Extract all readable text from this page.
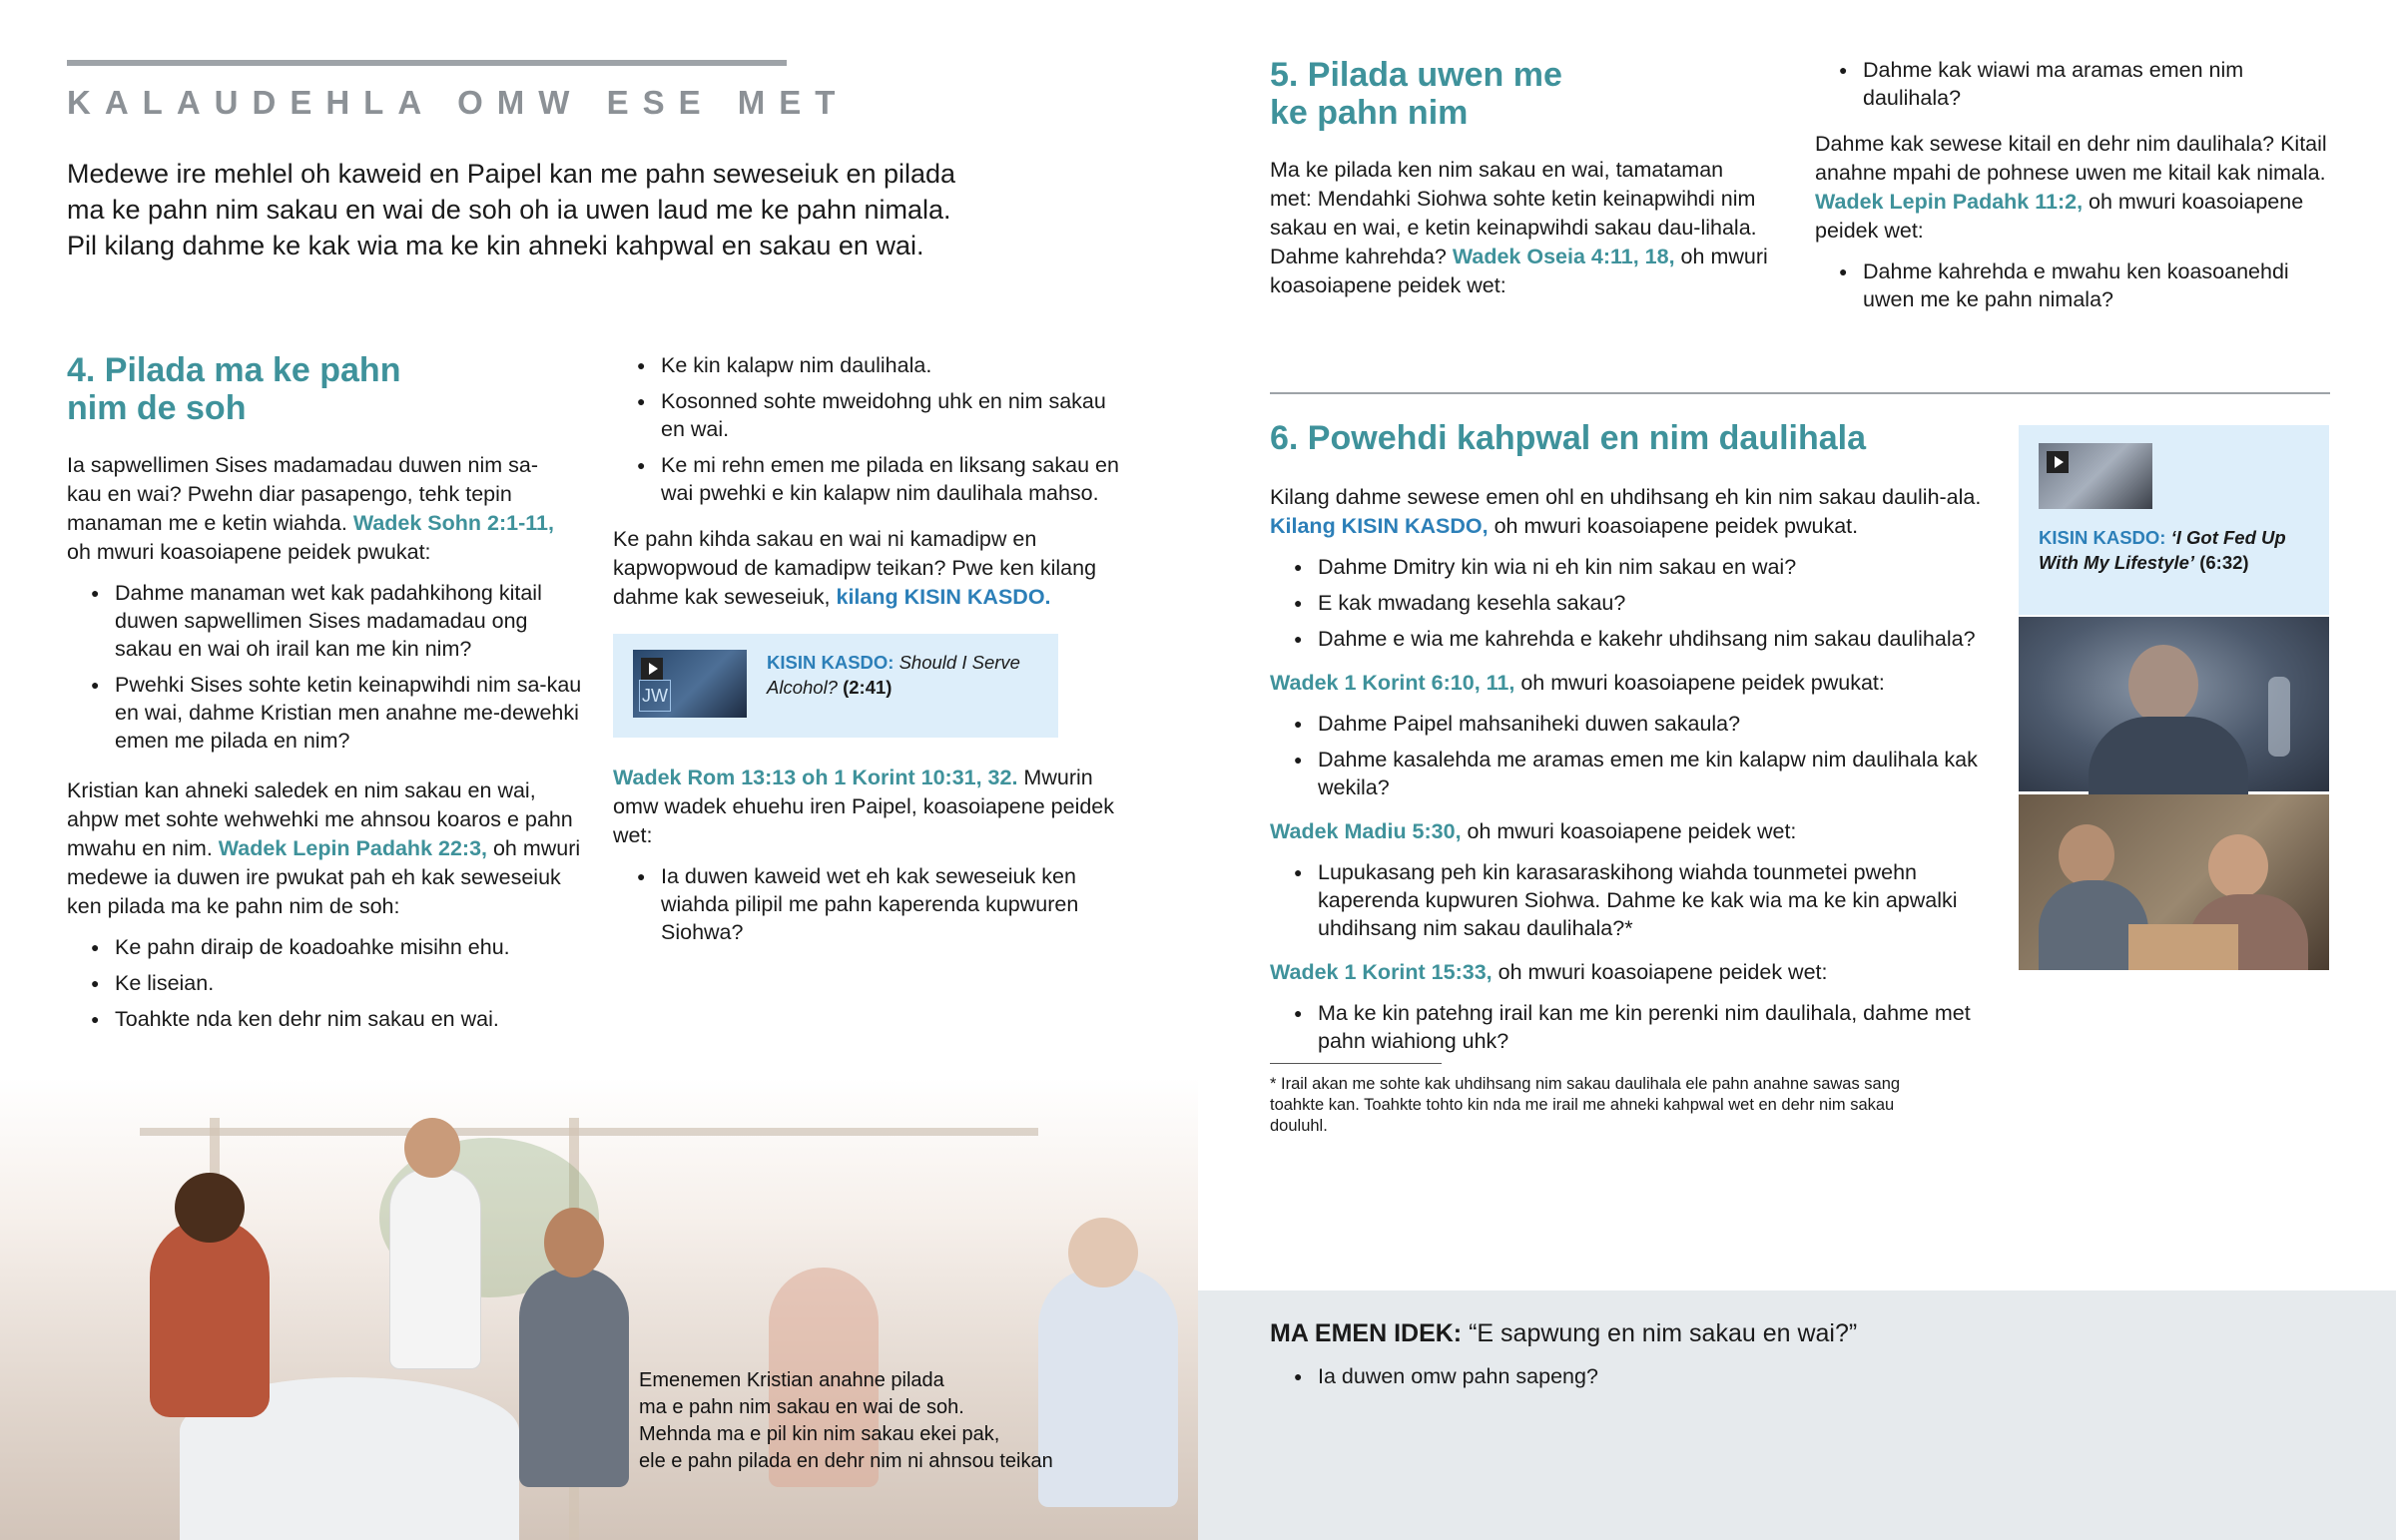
KALAUDEHLA OMW ESE MET
Medewe ire mehlel oh kaweid en Paipel kan me pahn seweseiuk en pilada
ma ke pahn nim sakau en wai de soh oh ia uwen laud me ke pahn nimala.
Pil kilang dahme ke kak wia ma ke kin ahneki kahpwal en sakau en wai.
4. Pilada ma ke pahn
nim de soh
Ia sapwellimen Sises madamadau duwen nim sa-
kau en wai? Pwehn diar pasapengo, tehk tepin
manaman me e ketin wiahda. Wadek Sohn 2:1-11,
oh mwuri koasoiapene peidek pwukat:
● Dahme manaman wet kak padahkihong kitail duwen sapwellimen Sises madamadau ong sakau en wai oh irail kan me kin nim?
● Pwehki Sises sohte ketin keinapwihdi nim sa-kau en wai, dahme Kristian men anahne me-dewehki emen me pilada en nim?
Kristian kan ahneki saledek en nim sakau en wai, ahpw met sohte wehwehki me ahnsou koaros e pahn mwahu en nim. Wadek Lepin Padahk 22:3, oh mwuri medewe ia duwen ire pwukat pah eh kak seweseiuk ken pilada ma ke pahn nim de soh:
● Ke pahn diraip de koadoahke misihn ehu.
● Ke liseian.
● Toahkte nda ken dehr nim sakau en wai.
● Ke kin kalapw nim daulihala.
● Kosonned sohte mweidohng uhk en nim sakau en wai.
● Ke mi rehn emen me pilada en liksang sakau en wai pwehki e kin kalapw nim daulihala mahso.
Ke pahn kihda sakau en wai ni kamadipw en kapwopwoud de kamadipw teikan? Pwe ken kilang dahme kak seweseiuk, kilang KISIN KASDO.
JW
KISIN KASDO: Should I Serve Alcohol? (2:41)
Wadek Rom 13:13 oh 1 Korint 10:31, 32. Mwurin omw wadek ehuehu iren Paipel, koasoiapene peidek wet:
● Ia duwen kaweid wet eh kak seweseiuk ken wiahda pilipil me pahn kaperenda kupwuren Siohwa?
Emenemen Kristian anahne pilada
ma e pahn nim sakau en wai de soh.
Mehnda ma e pil kin nim sakau ekei pak,
ele e pahn pilada en dehr nim ni ahnsou teikan
5. Pilada uwen me
ke pahn nim
Ma ke pilada ken nim sakau en wai, tamataman met: Mendahki Siohwa sohte ketin keinapwihdi nim sakau en wai, e ketin keinapwihdi sakau dau-lihala. Dahme kahrehda? Wadek Oseia 4:11, 18, oh mwuri koasoiapene peidek wet:
● Dahme kak wiawi ma aramas emen nim daulihala?
Dahme kak sewese kitail en dehr nim daulihala? Kitail anahne mpahi de pohnese uwen me kitail kak nimala. Wadek Lepin Padahk 11:2, oh mwuri koasoiapene peidek wet:
● Dahme kahrehda e mwahu ken koasoanehdi uwen me ke pahn nimala?
6. Powehdi kahpwal en nim daulihala
Kilang dahme sewese emen ohl en uhdihsang eh kin nim sakau daulih-ala. Kilang KISIN KASDO, oh mwuri koasoiapene peidek pwukat.
● Dahme Dmitry kin wia ni eh kin nim sakau en wai?
● E kak mwadang kesehla sakau?
● Dahme e wia me kahrehda e kakehr uhdihsang nim sakau daulihala?
Wadek 1 Korint 6:10, 11, oh mwuri koasoiapene peidek pwukat:
● Dahme Paipel mahsanihеki duwen sakaula?
● Dahme kasalehda me aramas emen me kin kalapw nim daulihala kak wekila?
Wadek Madiu 5:30, oh mwuri koasoiapene peidek wet:
● Lupukasang peh kin karasaraskihong wiahda tounmetei pwehn kaperenda kupwuren Siohwa. Dahme ke kak wia ma ke kin apwalki uhdihsang nim sakau daulihala?*
Wadek 1 Korint 15:33, oh mwuri koasoiapene peidek wet:
● Ma ke kin patehng irail kan me kin perenki nim daulihala, dahme met pahn wiahiong uhk?
* Irail akan me sohte kak uhdihsang nim sakau daulihala ele pahn anahne sawas sang toahkte kan. Toahkte tohto kin nda me irail me ahneki kahpwal wet en dehr nim sakau douluhl.
KISIN KASDO: ‘I Got Fed Up With My Lifestyle’ (6:32)
MA EMEN IDEK: “E sapwung en nim sakau en wai?”
● Ia duwen omw pahn sapeng?
